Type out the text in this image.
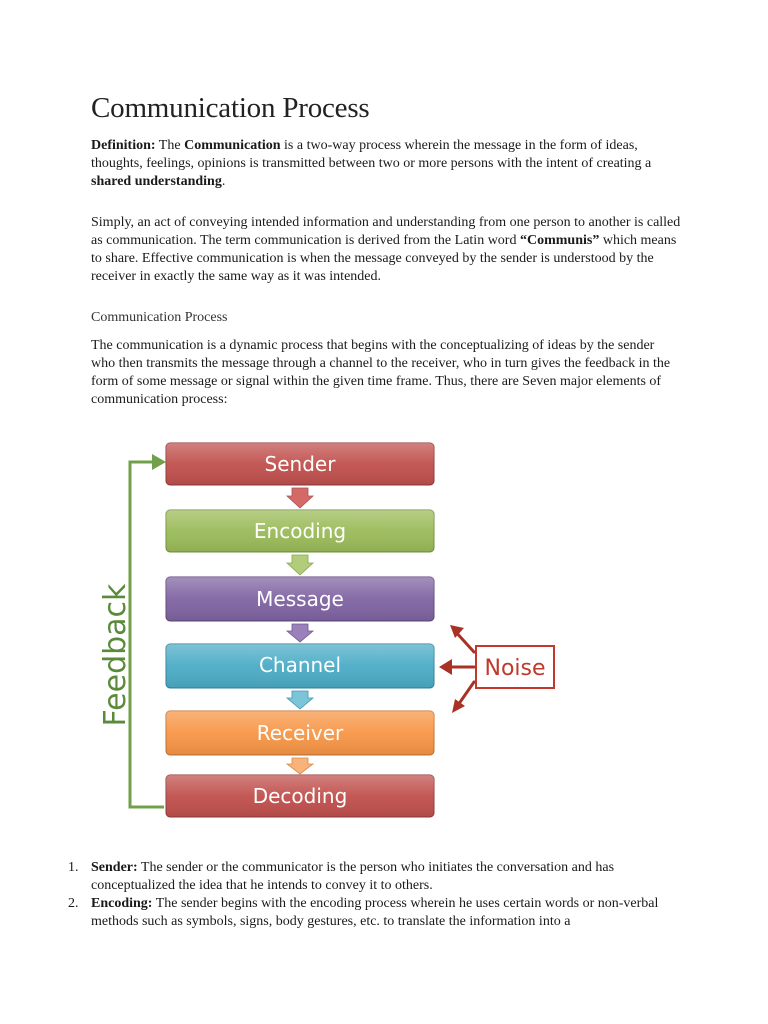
Communication Process

Definition: The Communication is a two-way process wherein the message in the form of ideas, thoughts, feelings, opinions is transmitted between two or more persons with the intent of creating a shared understanding.

Simply, an act of conveying intended information and understanding from one person to another is called as communication. The term communication is derived from the Latin word “Communis” which means to share. Effective communication is when the message conveyed by the sender is understood by the receiver in exactly the same way as it was intended.

Communication Process

The communication is a dynamic process that begins with the conceptualizing of ideas by the sender who then transmits the message through a channel to the receiver, who in turn gives the feedback in the form of some message or signal within the given time frame. Thus, there are Seven major elements of communication process:

Feedback
Sender
Encoding
Message
Channel
Receiver
Decoding
Noise
1. Sender: The sender or the communicator is the person who initiates the conversation and has conceptualized the idea that he intends to convey it to others.
2. Encoding: The sender begins with the encoding process wherein he uses certain words or non-verbal methods such as symbols, signs, body gestures, etc. to translate the information into a
